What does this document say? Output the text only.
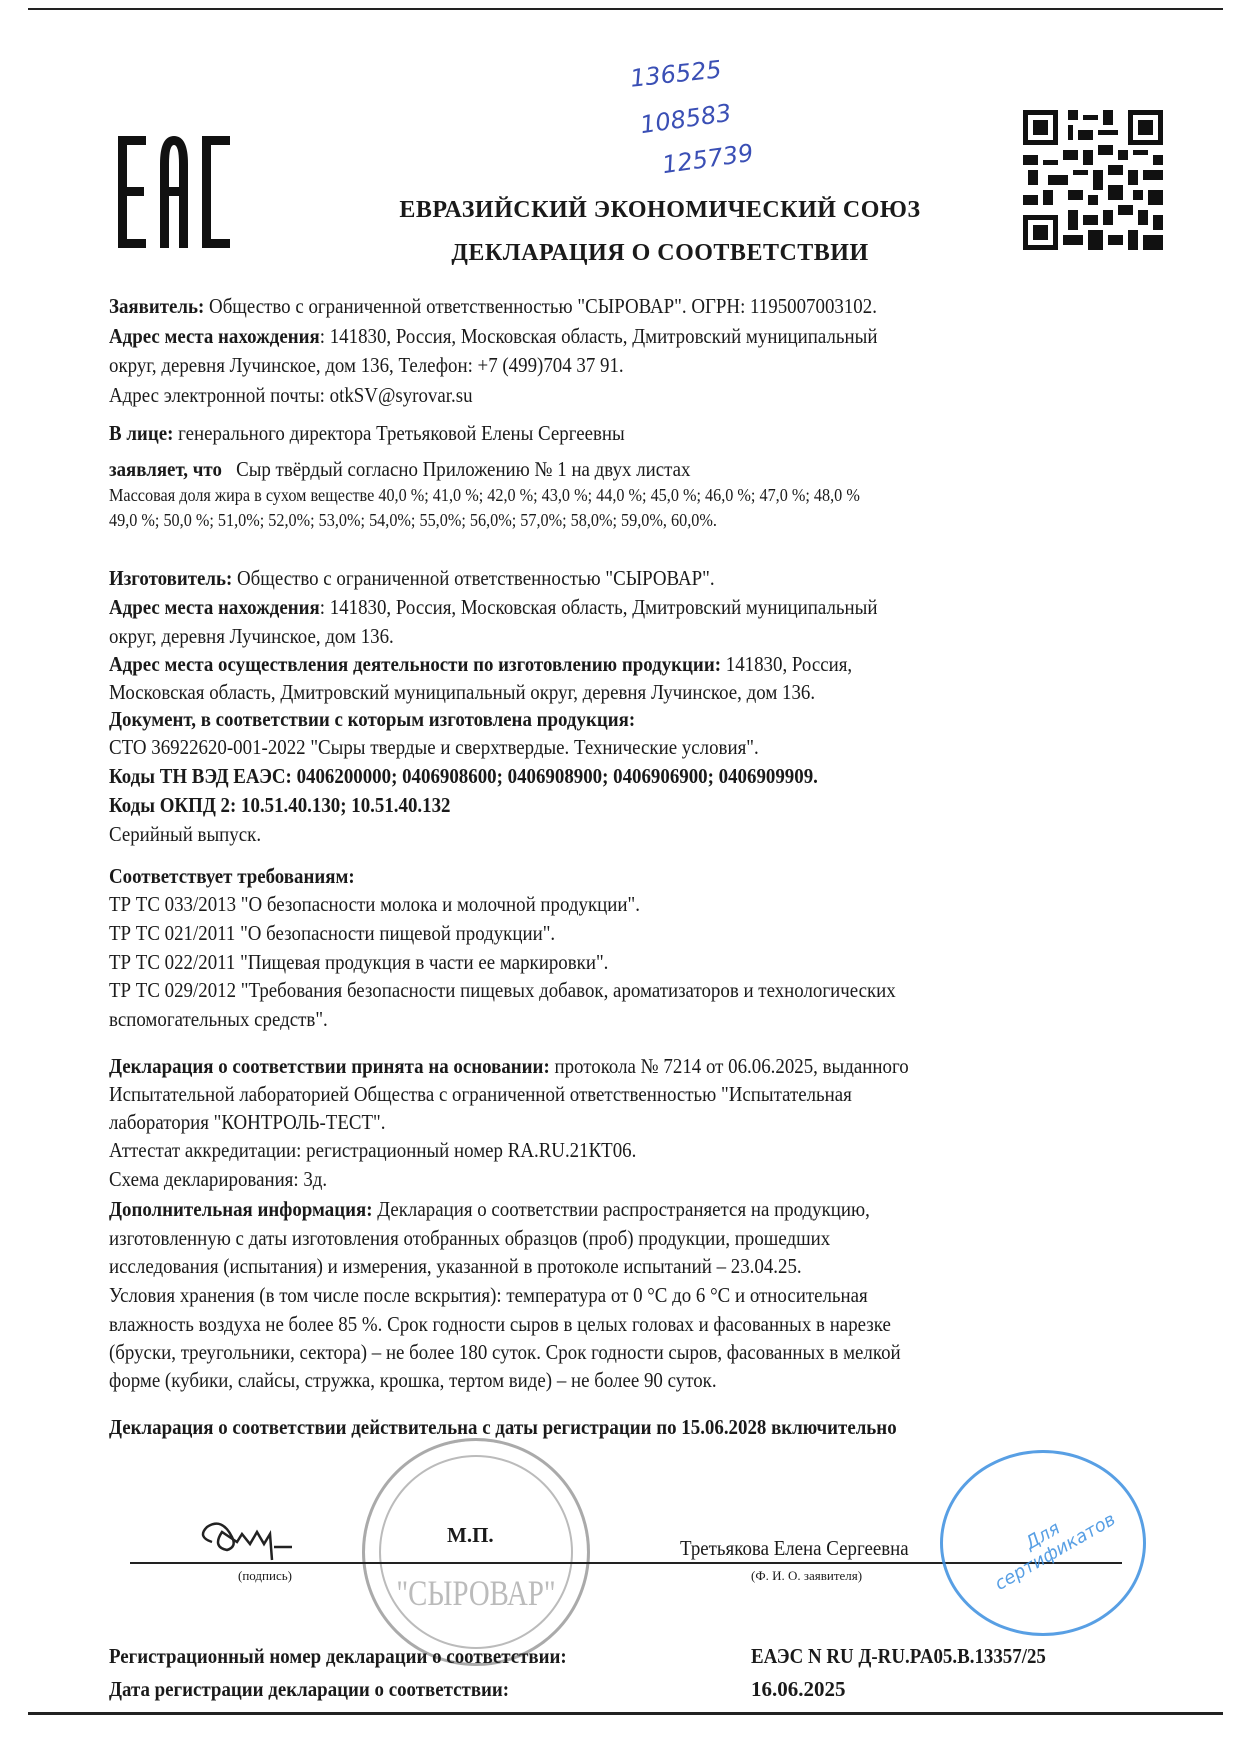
136525
108583
125739
ЕВРАЗИЙСКИЙ ЭКОНОМИЧЕСКИЙ СОЮЗ
ДЕКЛАРАЦИЯ О СООТВЕТСТВИИ
Заявитель: Общество с ограниченной ответственностью "СЫРОВАР". ОГРН: 1195007003102.
Адрес места нахождения: 141830, Россия, Московская область, Дмитровский муниципальный
округ, деревня Лучинское, дом 136, Телефон: +7 (499)704 37 91.
Адрес электронной почты: otkSV@syrovar.su
В лице: генерального директора Третьяковой Елены Сергеевны
заявляет, что   Сыр твёрдый согласно Приложению № 1 на двух листах
Массовая доля жира в сухом веществе 40,0 %; 41,0 %; 42,0 %; 43,0 %; 44,0 %; 45,0 %; 46,0 %; 47,0 %; 48,0 %
49,0 %; 50,0 %; 51,0%; 52,0%; 53,0%; 54,0%; 55,0%; 56,0%; 57,0%; 58,0%; 59,0%, 60,0%.
Изготовитель: Общество с ограниченной ответственностью "СЫРОВАР".
Адрес места нахождения: 141830, Россия, Московская область, Дмитровский муниципальный
округ, деревня Лучинское, дом 136.
Адрес места осуществления деятельности по изготовлению продукции: 141830, Россия,
Московская область, Дмитровский муниципальный округ, деревня Лучинское, дом 136.
Документ, в соответствии с которым изготовлена продукция:
СТО 36922620-001-2022 "Сыры твердые и сверхтвердые. Технические условия".
Коды ТН ВЭД ЕАЭС: 0406200000; 0406908600; 0406908900; 0406906900; 0406909909.
Коды ОКПД 2: 10.51.40.130; 10.51.40.132
Серийный выпуск.
Соответствует требованиям:
ТР ТС 033/2013 "О безопасности молока и молочной продукции".
ТР ТС 021/2011 "О безопасности пищевой продукции".
ТР ТС 022/2011 "Пищевая продукция в части ее маркировки".
ТР ТС 029/2012 "Требования безопасности пищевых добавок, ароматизаторов и технологических
вспомогательных средств".
Декларация о соответствии принята на основании: протокола № 7214 от 06.06.2025, выданного
Испытательной лабораторией Общества с ограниченной ответственностью "Испытательная
лаборатория "КОНТРОЛЬ-ТЕСТ".
Аттестат аккредитации: регистрационный номер RA.RU.21КТ06.
Схема декларирования: 3д.
Дополнительная информация: Декларация о соответствии распространяется на продукцию,
изготовленную с даты изготовления отобранных образцов (проб) продукции, прошедших
исследования (испытания) и измерения, указанной в протоколе испытаний – 23.04.25.
Условия хранения (в том числе после вскрытия): температура от 0 °С до 6 °С и относительная
влажность воздуха не более 85 %. Срок годности сыров в целых головах и фасованных в нарезке
(бруски, треугольники, сектора) – не более 180 суток. Срок годности сыров, фасованных в мелкой
форме (кубики, слайсы, стружка, крошка, тертом виде) – не более 90 суток.
Декларация о соответствии действительна с даты регистрации по 15.06.2028 включительно
"СЫРОВАР"
М.П.
Третьякова Елена Сергеевна
(подпись)	(Ф. И. О. заявителя)
Регистрационный номер декларации о соответствии:	ЕАЭС N RU Д-RU.PA05.B.13357/25
Дата регистрации декларации о соответствии:	16.06.2025
Для сертификатов
